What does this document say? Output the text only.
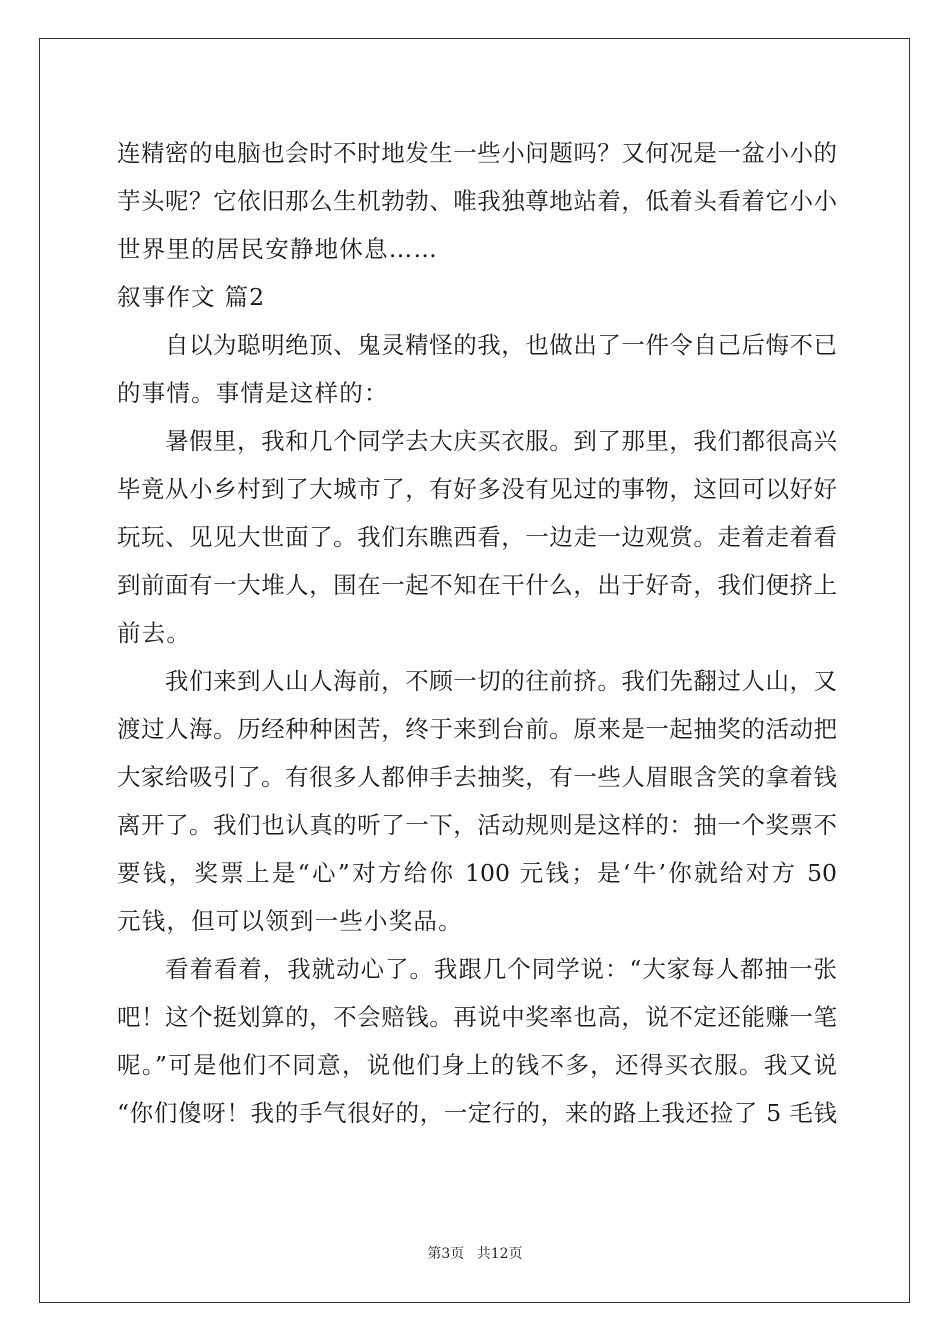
连精密的电脑也会时不时地发生一些小问题吗？又何况是一盆小小的
芋头呢？它依旧那么生机勃勃、唯我独尊地站着，低着头看着它小小
世界里的居民安静地休息……
叙事作文 篇2
自以为聪明绝顶、鬼灵精怪的我，也做出了一件令自己后悔不已
的事情。事情是这样的：
暑假里，我和几个同学去大庆买衣服。到了那里，我们都很高兴
毕竟从小乡村到了大城市了，有好多没有见过的事物，这回可以好好
玩玩、见见大世面了。我们东瞧西看，一边走一边观赏。走着走着看
到前面有一大堆人，围在一起不知在干什么，出于好奇，我们便挤上
前去。
我们来到人山人海前，不顾一切的往前挤。我们先翻过人山，又
渡过人海。历经种种困苦，终于来到台前。原来是一起抽奖的活动把
大家给吸引了。有很多人都伸手去抽奖，有一些人眉眼含笑的拿着钱
离开了。我们也认真的听了一下，活动规则是这样的：抽一个奖票不
要钱，奖票上是“心”对方给你 100 元钱；是‘牛’你就给对方 50
元钱，但可以领到一些小奖品。
看着看着，我就动心了。我跟几个同学说：“大家每人都抽一张
吧！这个挺划算的，不会赔钱。再说中奖率也高，说不定还能赚一笔
呢。”可是他们不同意，说他们身上的钱不多，还得买衣服。我又说
“你们傻呀！我的手气很好的，一定行的，来的路上我还捡了 5 毛钱
第3页 共12页
